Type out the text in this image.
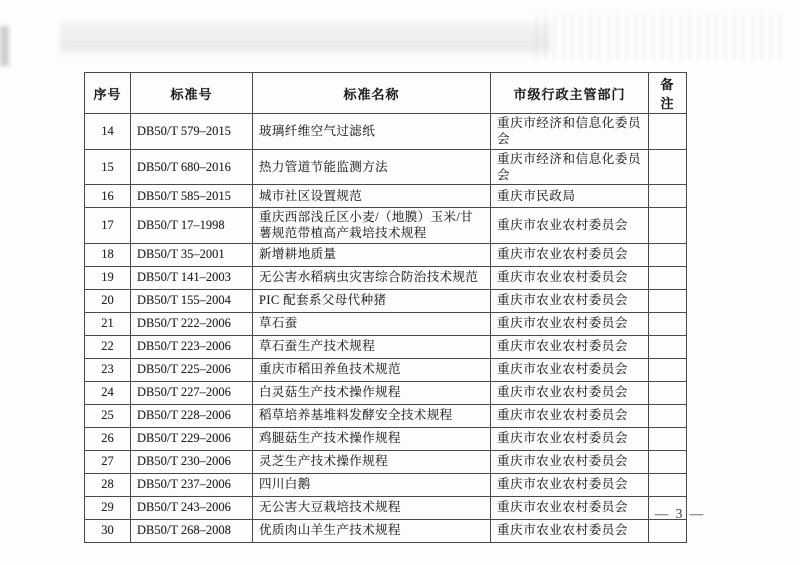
序号	标准号	标准名称	市级行政主管部门	备注
14	DB50/T 579–2015	玻璃纤维空气过滤纸	重庆市经济和信息化委员会	
15	DB50/T 680–2016	热力管道节能监测方法	重庆市经济和信息化委员会	
16	DB50/T 585–2015	城市社区设置规范	重庆市民政局	
17	DB50/T 17–1998	重庆西部浅丘区小麦/（地膜）玉米/甘薯规范带植高产栽培技术规程	重庆市农业农村委员会	
18	DB50/T 35–2001	新增耕地质量	重庆市农业农村委员会	
19	DB50/T 141–2003	无公害水稻病虫灾害综合防治技术规范	重庆市农业农村委员会	
20	DB50/T 155–2004	PIC 配套系父母代种猪	重庆市农业农村委员会	
21	DB50/T 222–2006	草石蚕	重庆市农业农村委员会	
22	DB50/T 223–2006	草石蚕生产技术规程	重庆市农业农村委员会	
23	DB50/T 225–2006	重庆市稻田养鱼技术规范	重庆市农业农村委员会	
24	DB50/T 227–2006	白灵菇生产技术操作规程	重庆市农业农村委员会	
25	DB50/T 228–2006	稻草培养基堆料发酵安全技术规程	重庆市农业农村委员会	
26	DB50/T 229–2006	鸡腿菇生产技术操作规程	重庆市农业农村委员会	
27	DB50/T 230–2006	灵芝生产技术操作规程	重庆市农业农村委员会	
28	DB50/T 237–2006	四川白鹅	重庆市农业农村委员会	
29	DB50/T 243–2006	无公害大豆栽培技术规程	重庆市农业农村委员会	
30	DB50/T 268–2008	优质肉山羊生产技术规程	重庆市农业农村委员会	
— 3 —
